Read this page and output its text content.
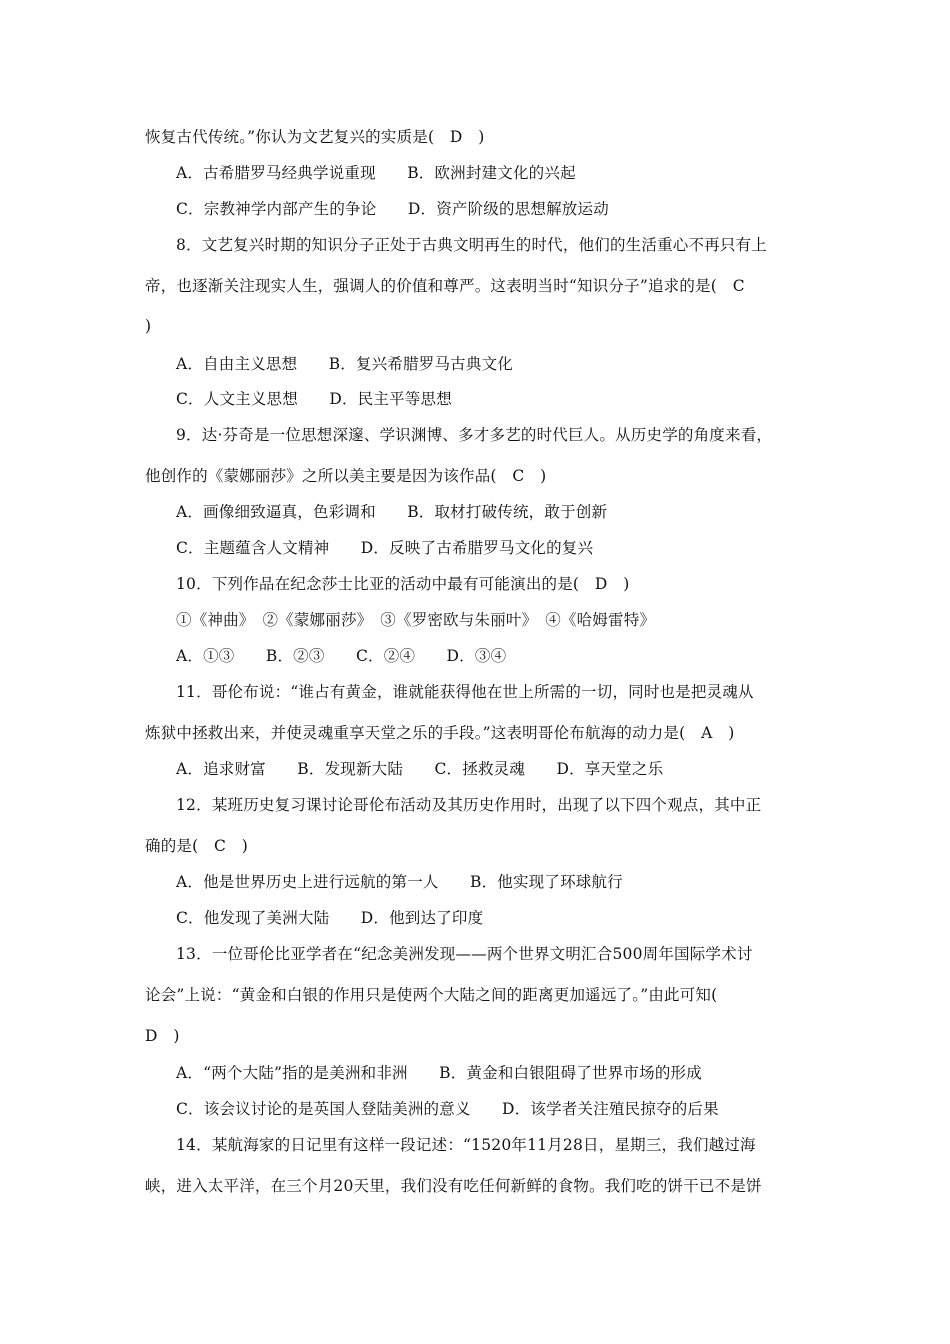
恢复古代传统。”你认为文艺复兴的实质是(　D　)
A．古希腊罗马经典学说重现　　B．欧洲封建文化的兴起
C．宗教神学内部产生的争论　　D．资产阶级的思想解放运动
8．文艺复兴时期的知识分子正处于古典文明再生的时代，他们的生活重心不再只有上
帝，也逐渐关注现实人生，强调人的价值和尊严。这表明当时“知识分子”追求的是(　C
)
A．自由主义思想　　B．复兴希腊罗马古典文化
C．人文主义思想　　D．民主平等思想
9．达·芬奇是一位思想深邃、学识渊博、多才多艺的时代巨人。从历史学的角度来看，
他创作的《蒙娜丽莎》之所以美主要是因为该作品(　C　)
A．画像细致逼真，色彩调和　　B．取材打破传统，敢于创新
C．主题蕴含人文精神　　D．反映了古希腊罗马文化的复兴
10．下列作品在纪念莎士比亚的活动中最有可能演出的是(　D　)
①《神曲》　②《蒙娜丽莎》　③《罗密欧与朱丽叶》　④《哈姆雷特》
A．①③　　B．②③　　C．②④　　D．③④
11．哥伦布说：“谁占有黄金，谁就能获得他在世上所需的一切，同时也是把灵魂从
炼狱中拯救出来，并使灵魂重享天堂之乐的手段。”这表明哥伦布航海的动力是(　A　)
A．追求财富　　B．发现新大陆　　C．拯救灵魂　　D．享天堂之乐
12．某班历史复习课讨论哥伦布活动及其历史作用时，出现了以下四个观点，其中正
确的是(　C　)
A．他是世界历史上进行远航的第一人　　B．他实现了环球航行
C．他发现了美洲大陆　　D．他到达了印度
13．一位哥伦比亚学者在“纪念美洲发现——两个世界文明汇合500周年国际学术讨
论会”上说：“黄金和白银的作用只是使两个大陆之间的距离更加遥远了。”由此可知(
D　)
A．“两个大陆”指的是美洲和非洲　　B．黄金和白银阻碍了世界市场的形成
C．该会议讨论的是英国人登陆美洲的意义　　D．该学者关注殖民掠夺的后果
14．某航海家的日记里有这样一段记述：“1520年11月28日，星期三，我们越过海
峡，进入太平洋，在三个月20天里，我们没有吃任何新鲜的食物。我们吃的饼干已不是饼
